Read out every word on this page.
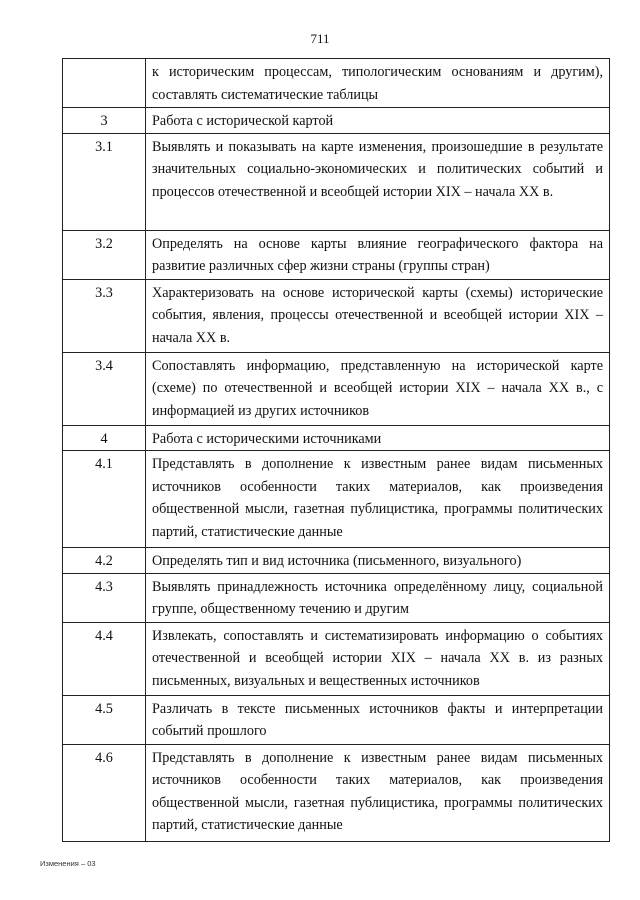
711
	к историческим процессам, типологическим основаниям и другим), составлять систематические таблицы
3	Работа с исторической картой
3.1	Выявлять и показывать на карте изменения, произошедшие в результате значительных социально-экономических и политических событий и процессов отечественной и всеобщей истории XIX – начала XX в.
3.2	Определять на основе карты влияние географического фактора на развитие различных сфер жизни страны (группы стран)
3.3	Характеризовать на основе исторической карты (схемы) исторические события, явления, процессы отечественной и всеобщей истории XIX – начала XX в.
3.4	Сопоставлять информацию, представленную на исторической карте (схеме) по отечественной и всеобщей истории XIX – начала XX в., с информацией из других источников
4	Работа с историческими источниками
4.1	Представлять в дополнение к известным ранее видам письменных источников особенности таких материалов, как произведения общественной мысли, газетная публицистика, программы политических партий, статистические данные
4.2	Определять тип и вид источника (письменного, визуального)
4.3	Выявлять принадлежность источника определённому лицу, социальной группе, общественному течению и другим
4.4	Извлекать, сопоставлять и систематизировать информацию о событиях отечественной и всеобщей истории XIX – начала XX в. из разных письменных, визуальных и вещественных источников
4.5	Различать в тексте письменных источников факты и интерпретации событий прошлого
4.6	Представлять в дополнение к известным ранее видам письменных источников особенности таких материалов, как произведения общественной мысли, газетная публицистика, программы политических партий, статистические данные
Изменения – 03
